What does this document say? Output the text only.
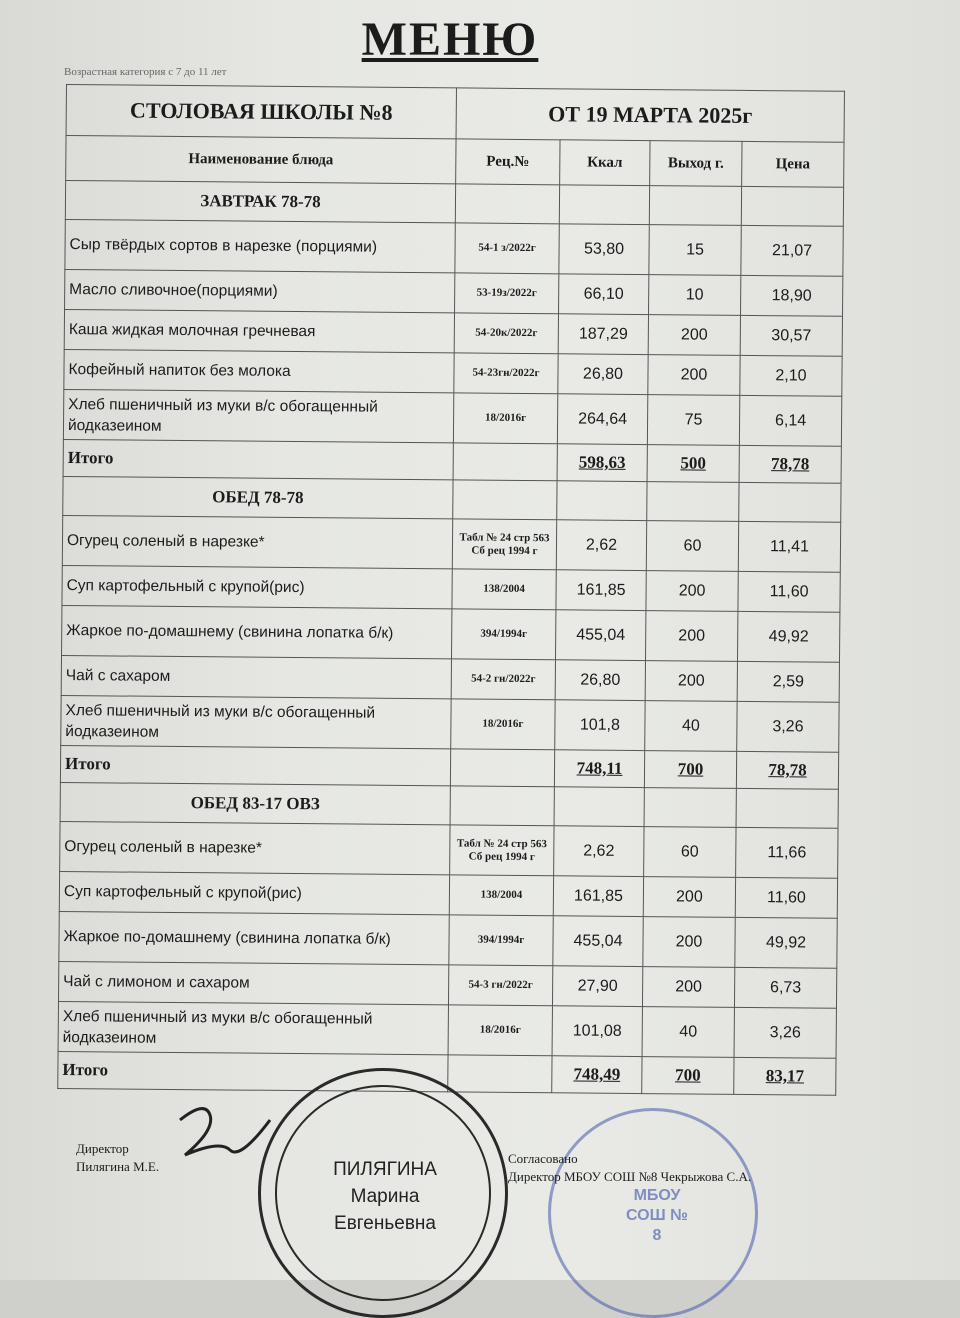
МЕНЮ
Возрастная категория с 7 до 11 лет
СТОЛОВАЯ ШКОЛЫ №8	ОТ 19 МАРТА 2025г			
Наименование блюда	Рец.№	Ккал	Выход г.	Цена
ЗАВТРАК 78-78				
Сыр твёрдых сортов в нарезке (порциями)	54-1 з/2022г	53,80	15	21,07
Масло сливочное(порциями)	53-19з/2022г	66,10	10	18,90
Каша жидкая молочная гречневая	54-20к/2022г	187,29	200	30,57
Кофейный напиток без молока	54-23гн/2022г	26,80	200	2,10
Хлеб пшеничный из муки в/с обогащенный йодказеином	18/2016г	264,64	75	6,14
Итого		598,63	500	78,78
ОБЕД 78-78				
Огурец соленый в нарезке*	Табл № 24 стр 563 Сб рец 1994 г	2,62	60	11,41
Суп картофельный с крупой(рис)	138/2004	161,85	200	11,60
Жаркое по-домашнему (свинина лопатка б/к)	394/1994г	455,04	200	49,92
Чай с сахаром	54-2 гн/2022г	26,80	200	2,59
Хлеб пшеничный из муки в/с обогащенный йодказеином	18/2016г	101,8	40	3,26
Итого		748,11	700	78,78
ОБЕД 83-17 ОВЗ				
Огурец соленый в нарезке*	Табл № 24 стр 563 Сб рец 1994 г	2,62	60	11,66
Суп картофельный с крупой(рис)	138/2004	161,85	200	11,60
Жаркое по-домашнему (свинина лопатка б/к)	394/1994г	455,04	200	49,92
Чай с лимоном и сахаром	54-3 гн/2022г	27,90	200	6,73
Хлеб пшеничный из муки в/с обогащенный йодказеином	18/2016г	101,08	40	3,26
Итого		748,49	700	83,17
Директор
Пилягина М.Е.
МБОУ СОШ № 8
Согласовано
Директор МБОУ СОШ №8 Чекрыжова С.А.
ПИЛЯГИНА
Марина
Евгеньевна
